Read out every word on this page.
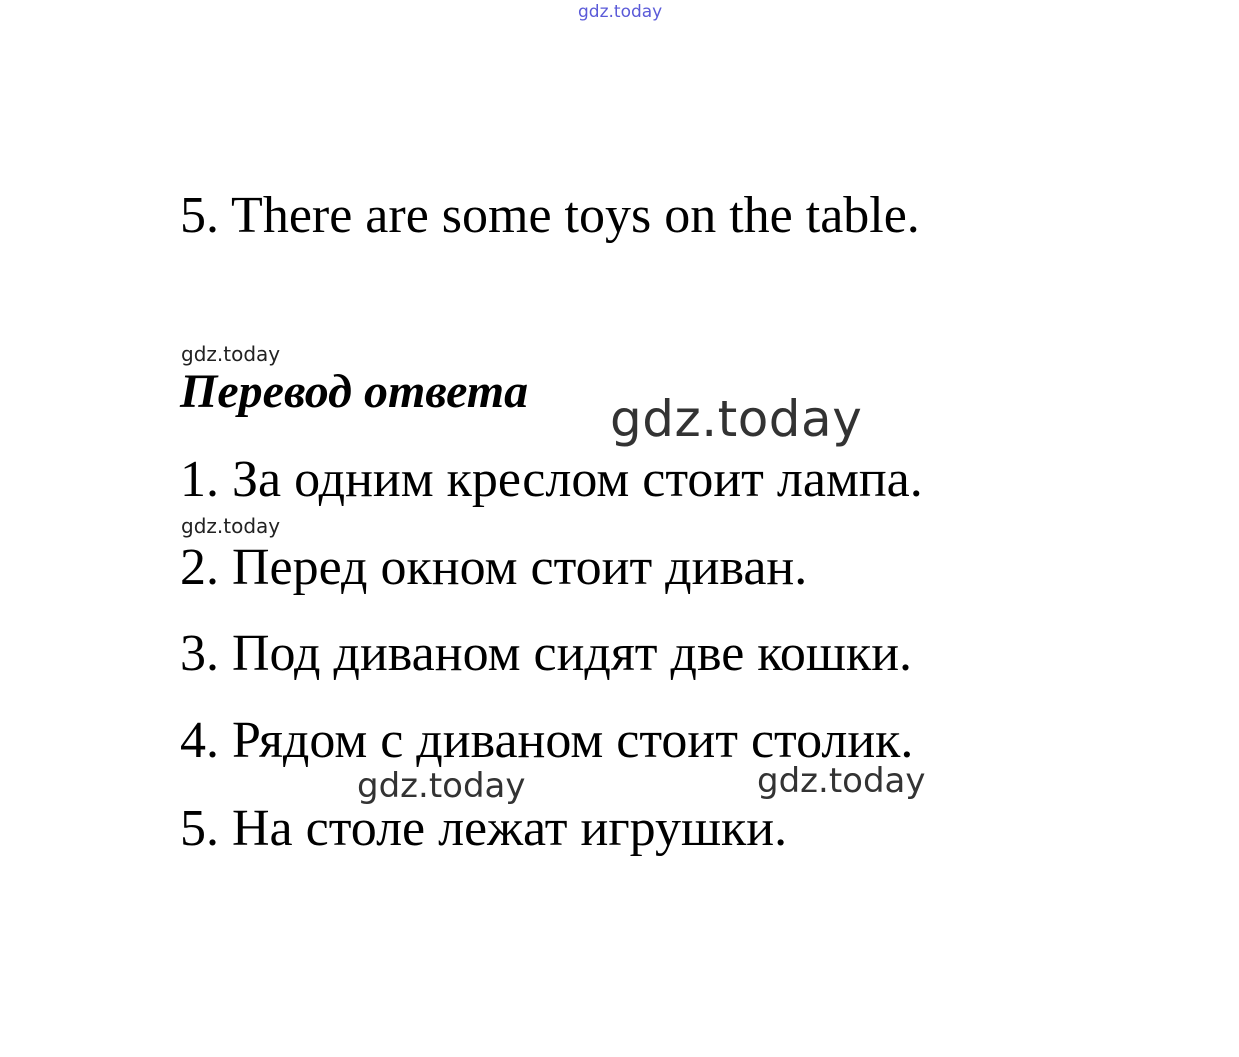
gdz.today
5. There are some toys on the table.
gdz.today
Перевод ответа gdz.today
1. За одним креслом стоит лампа.
gdz.today
2. Перед окном стоит диван.
3. Под диваном сидят две кошки.
4. Рядом с диваном стоит столик.
gdz.today	gdz.today
5. На столе лежат игрушки.
